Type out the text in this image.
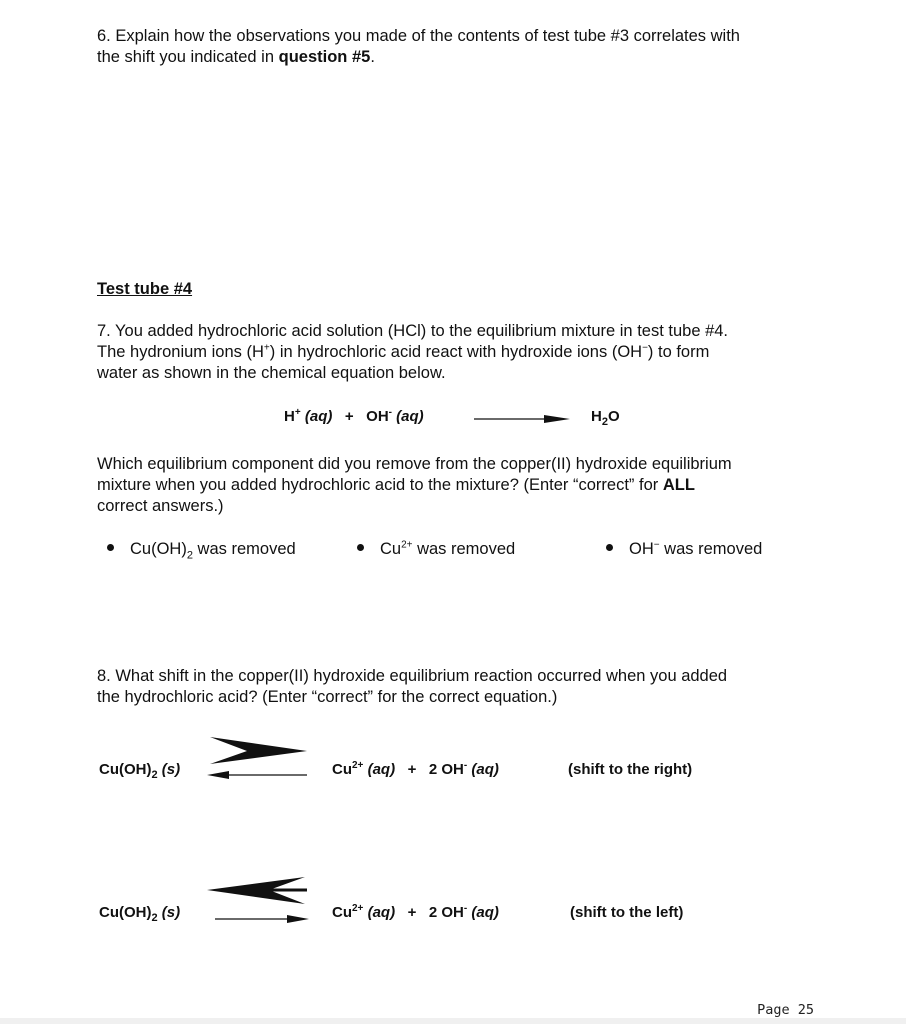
6. Explain how the observations you made of the contents of test tube #3 correlates with
the shift you indicated in question #5.
Test tube #4
7. You added hydrochloric acid solution (HCl) to the equilibrium mixture in test tube #4.
The hydronium ions (H+) in hydrochloric acid react with hydroxide ions (OH−) to form
water as shown in the chemical equation below.
H+ (aq) + OH- (aq)	$H_2O$
Which equilibrium component did you remove from the copper(II) hydroxide equilibrium
mixture when you added hydrochloric acid to the mixture? (Enter “correct” for ALL
correct answers.)
$Cu(OH)_2$ was removed	$Cu^{2+}$ was removed	OH− was removed
8. What shift in the copper(II) hydroxide equilibrium reaction occurred when you added
the hydrochloric acid? (Enter “correct” for the correct equation.)
$Cu(OH)_2$ (s)	$Cu^{2+}$ (aq) + 2 OH- (aq)	(shift to the right)
$Cu(OH)_2$ (s)	$Cu^{2+}$ (aq) + 2 OH- (aq)	(shift to the left)
Page 25
